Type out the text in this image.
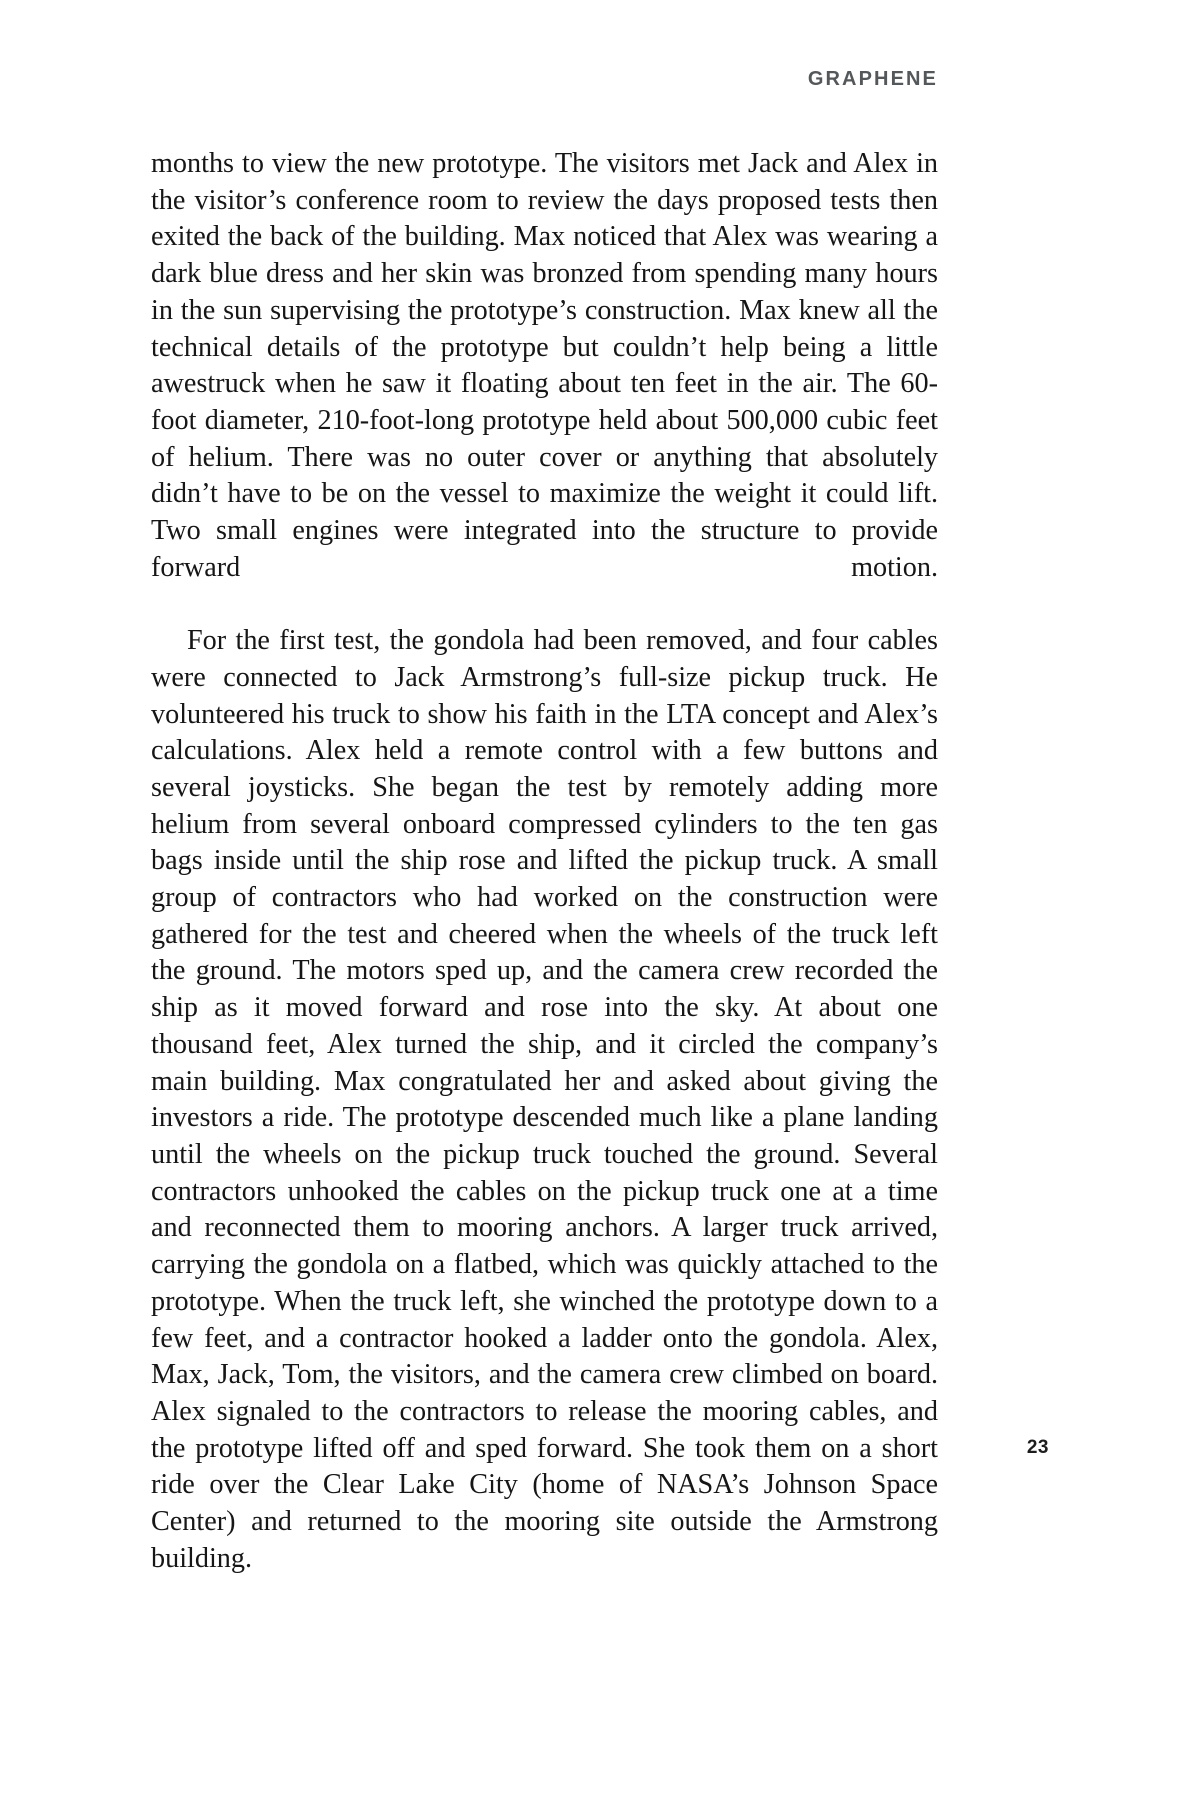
GRAPHENE

months to view the new prototype. The visitors met Jack and Alex in the visitor’s conference room to review the days proposed tests then exited the back of the building. Max noticed that Alex was wearing a dark blue dress and her skin was bronzed from spending many hours in the sun supervising the prototype’s construction. Max knew all the technical details of the prototype but couldn’t help being a little awestruck when he saw it floating about ten feet in the air. The 60-foot diameter, 210-foot-long prototype held about 500,000 cubic feet of helium. There was no outer cover or anything that absolutely didn’t have to be on the vessel to maximize the weight it could lift. Two small engines were integrated into the structure to provide forward motion.

For the first test, the gondola had been removed, and four cables were connected to Jack Armstrong’s full-size pickup truck. He volunteered his truck to show his faith in the LTA concept and Alex’s calculations. Alex held a remote control with a few buttons and several joysticks. She began the test by remotely adding more helium from several onboard compressed cylinders to the ten gas bags inside until the ship rose and lifted the pickup truck. A small group of contractors who had worked on the construction were gathered for the test and cheered when the wheels of the truck left the ground. The motors sped up, and the camera crew recorded the ship as it moved forward and rose into the sky. At about one thousand feet, Alex turned the ship, and it circled the company’s main building. Max congratulated her and asked about giving the investors a ride. The prototype descended much like a plane landing until the wheels on the pickup truck touched the ground. Several contractors unhooked the cables on the pickup truck one at a time and reconnected them to mooring anchors. A larger truck arrived, carrying the gondola on a flatbed, which was quickly attached to the prototype. When the truck left, she winched the prototype down to a few feet, and a contractor hooked a ladder onto the gondola. Alex, Max, Jack, Tom, the visitors, and the camera crew climbed on board. Alex signaled to the contractors to release the mooring cables, and the prototype lifted off and sped forward. She took them on a short ride over the Clear Lake City (home of NASA’s Johnson Space Center) and returned to the mooring site outside the Armstrong building.

23
